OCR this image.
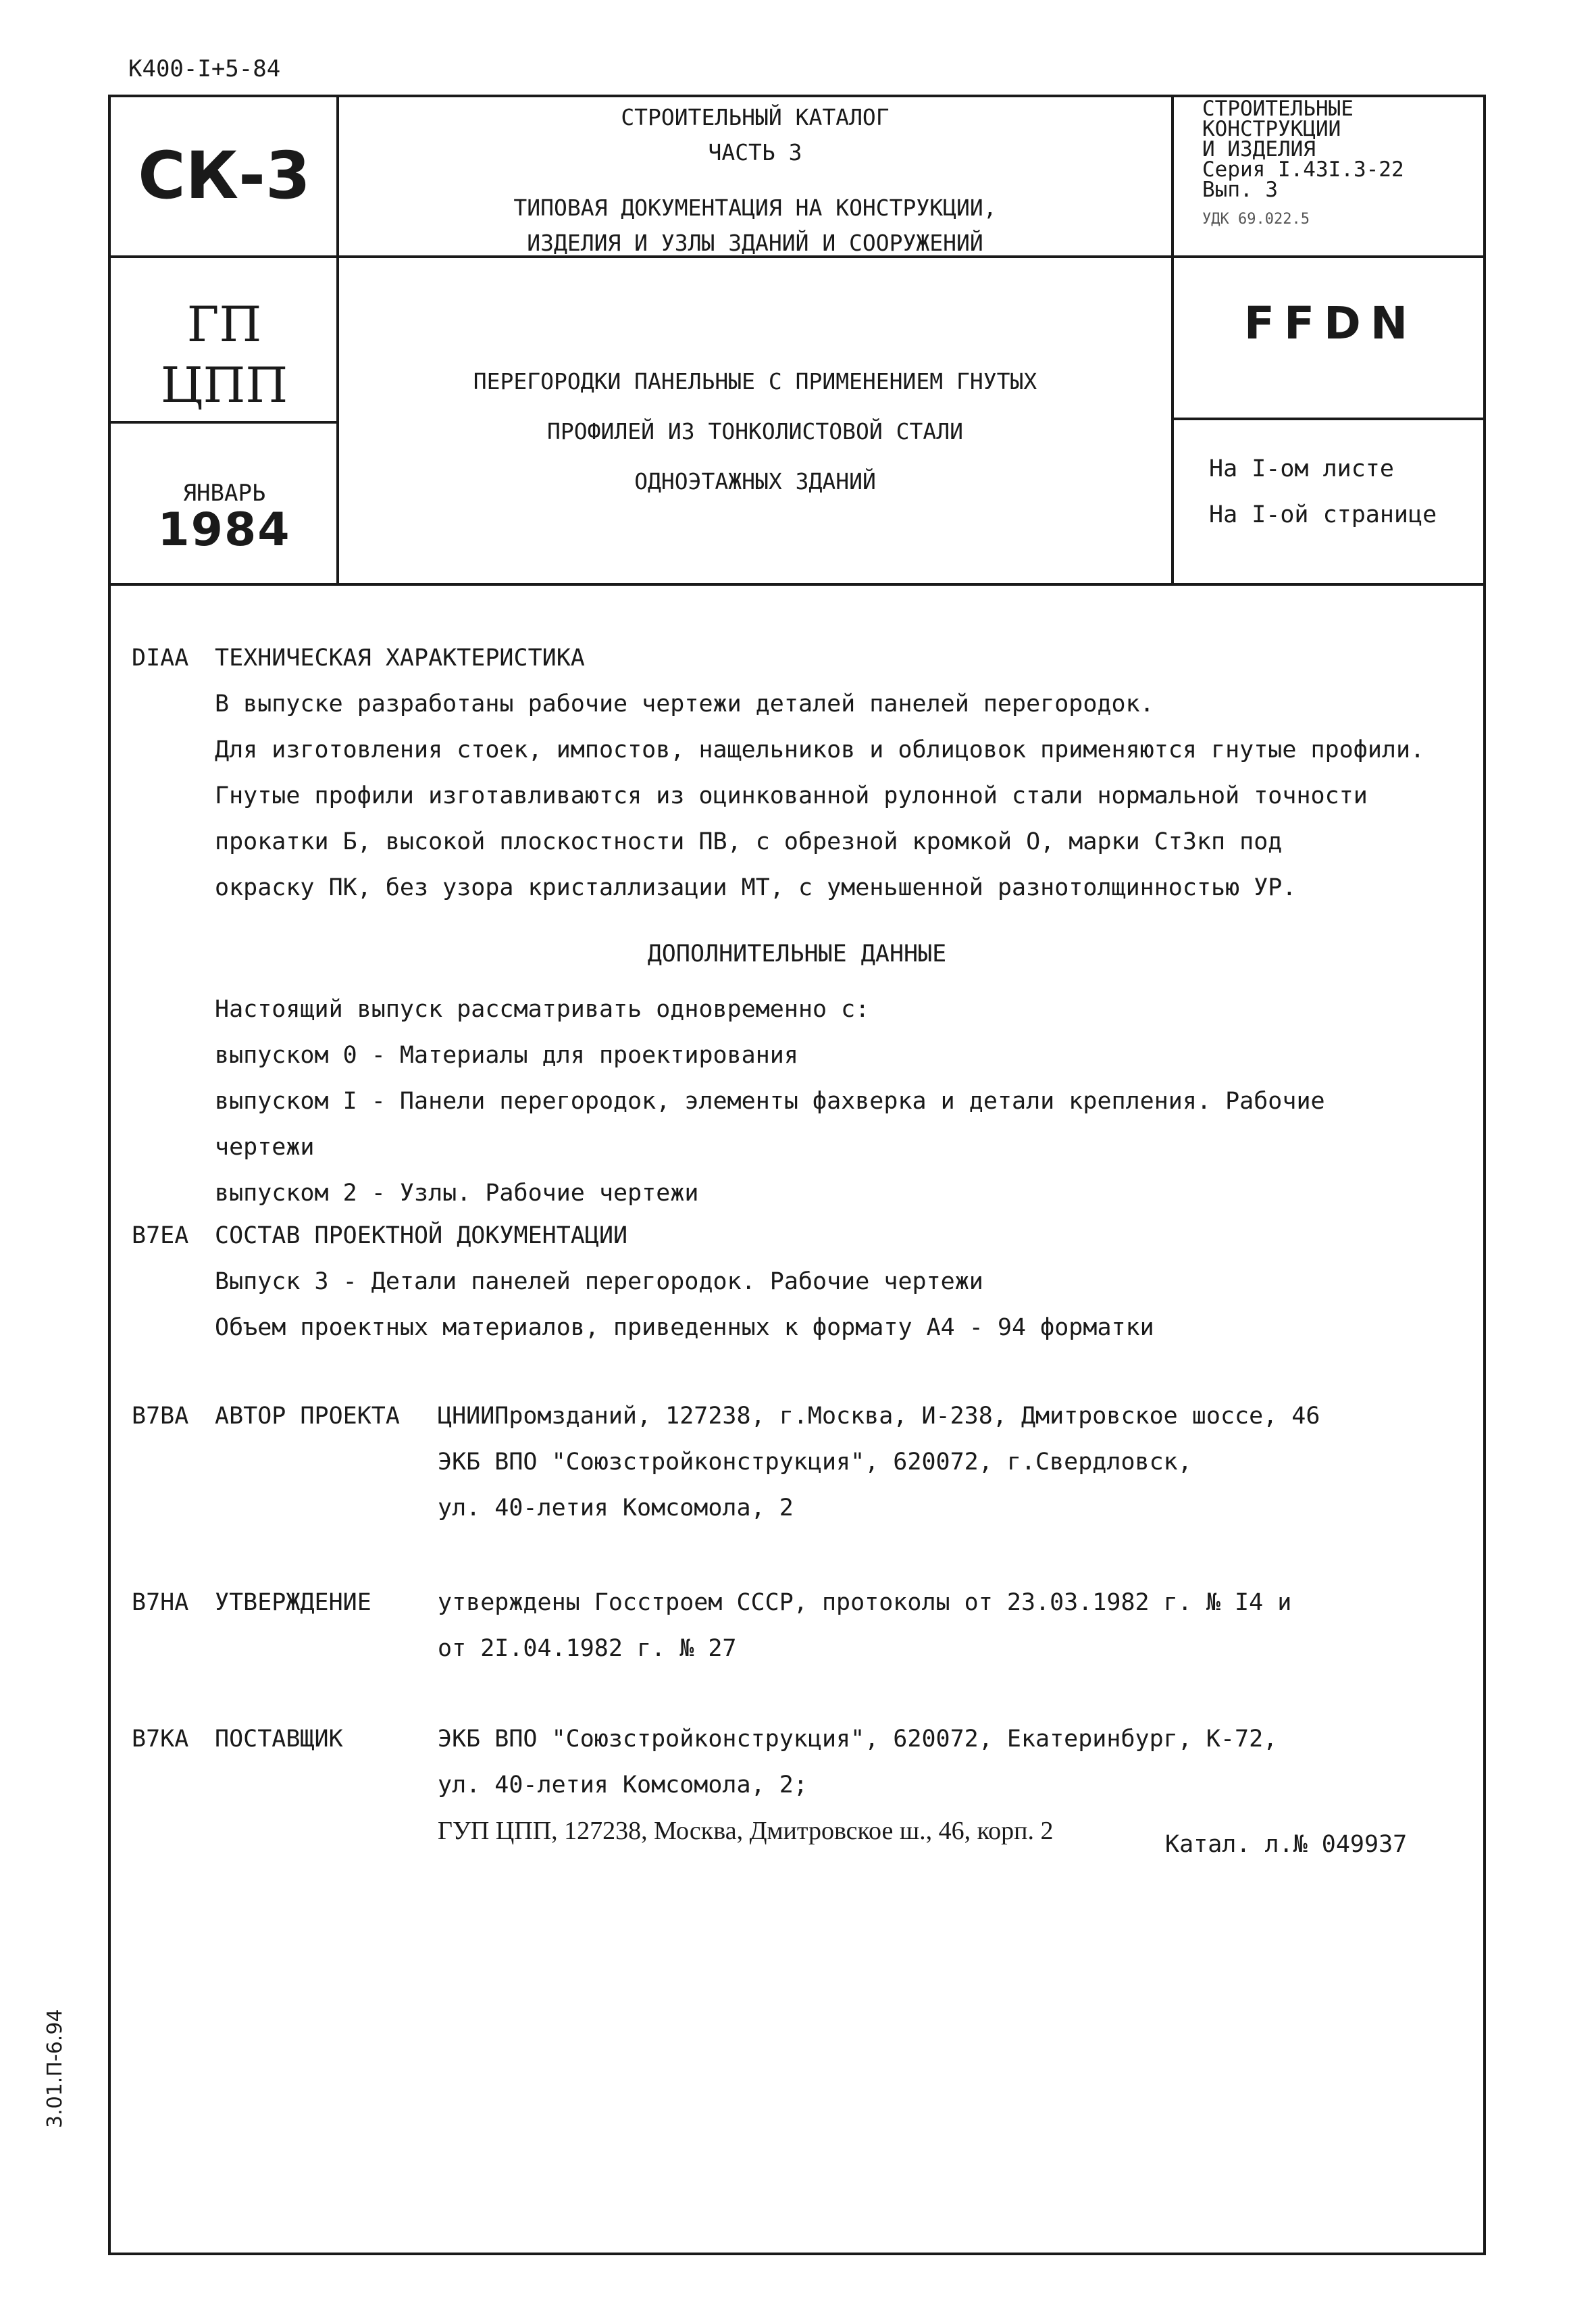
К400-I+5-84
СК-3
ГП
ЦПП
ЯНВАРЬ
1984
СТРОИТЕЛЬНЫЙ КАТАЛОГ
ЧАСТЬ 3
ТИПОВАЯ ДОКУМЕНТАЦИЯ НА КОНСТРУКЦИИ,
ИЗДЕЛИЯ И УЗЛЫ ЗДАНИЙ И СООРУЖЕНИЙ
ПЕРЕГОРОДКИ ПАНЕЛЬНЫЕ С ПРИМЕНЕНИЕМ ГНУТЫХ
ПРОФИЛЕЙ ИЗ ТОНКОЛИСТОВОЙ СТАЛИ
ОДНОЭТАЖНЫХ ЗДАНИЙ
СТРОИТЕЛЬНЫЕ
КОНСТРУКЦИИ
И ИЗДЕЛИЯ
Серия I.43I.3-22
Вып. 3
УДК 69.022.5
FFDN
На I-ом листе
На I-ой странице
DIAA ТЕХНИЧЕСКАЯ ХАРАКТЕРИСТИКА
В выпуске разработаны рабочие чертежи деталей панелей перегородок.
Для изготовления стоек, импостов, нащельников и облицовок применяются гнутые профили.
Гнутые профили изготавливаются из оцинкованной рулонной стали нормальной точности
прокатки Б, высокой плоскостности ПВ, с обрезной кромкой О, марки Ст3кп под
окраску ПК, без узора кристаллизации МТ, с уменьшенной разнотолщинностью УР.
ДОПОЛНИТЕЛЬНЫЕ ДАННЫЕ
Настоящий выпуск рассматривать одновременно с:
выпуском 0 - Материалы для проектирования
выпуском I - Панели перегородок, элементы фахверка и детали крепления. Рабочие чертежи
выпуском 2 - Узлы. Рабочие чертежи
В7ЕА СОСТАВ ПРОЕКТНОЙ ДОКУМЕНТАЦИИ
Выпуск 3 - Детали панелей перегородок. Рабочие чертежи
Объем проектных материалов, приведенных к формату А4 - 94 форматки
В7ВА АВТОР ПРОЕКТА ЦНИИПромзданий, 127238, г.Москва, И-238, Дмитровское шоссе, 46
ЭКБ ВПО "Союзстройконструкция", 620072, г.Свердловск,
ул. 40-летия Комсомола, 2
В7НА УТВЕРЖДЕНИЕ	утверждены Госстроем СССР, протоколы от 23.03.1982 г. № I4 и
от 2I.04.1982 г. № 27
В7КА ПОСТАВЩИК	ЭКБ ВПО "Союзстройконструкция", 620072, Екатеринбург, К-72,
ул. 40-летия Комсомола, 2;
ГУП ЦПП, 127238, Москва, Дмитровское ш., 46, корп. 2	Катал. л.№ 049937
3.01.П-6.94
